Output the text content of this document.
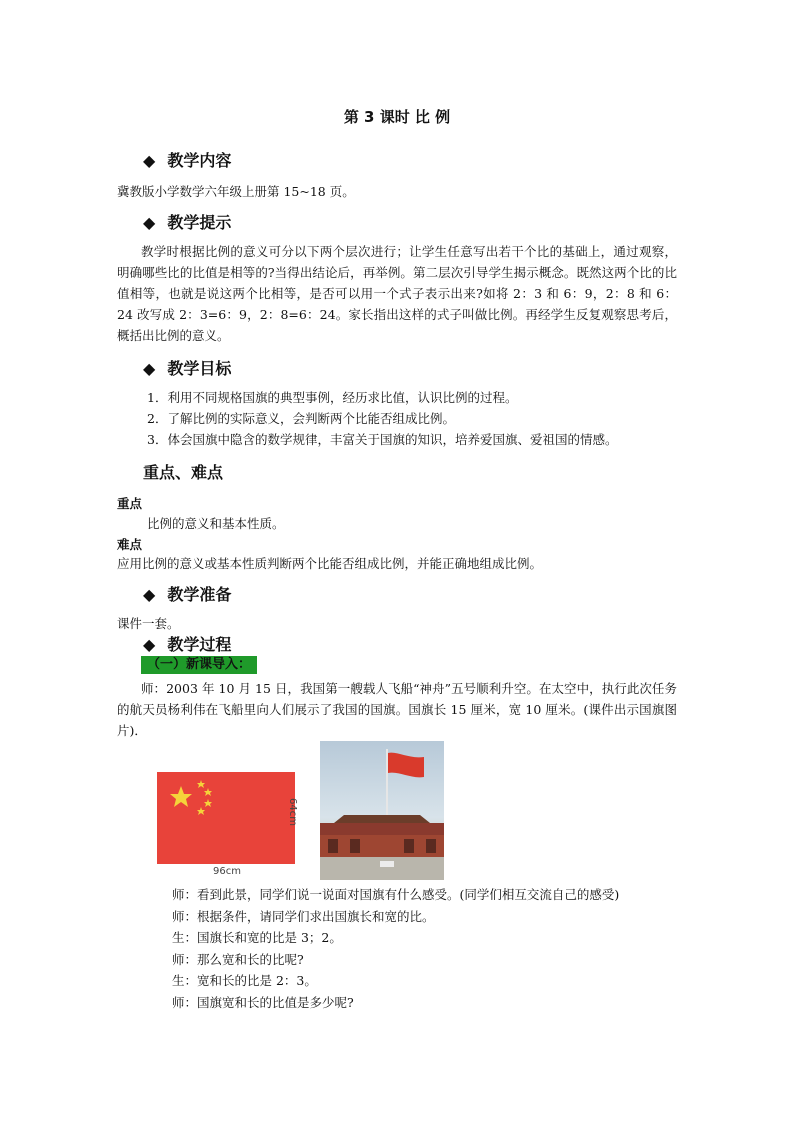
第 3 课时 比 例
◆ 教学内容
冀教版小学数学六年级上册第 15~18 页。
◆ 教学提示
教学时根据比例的意义可分以下两个层次进行；让学生任意写出若干个比的基础上，通过观察，明确哪些比的比值是相等的?当得出结论后，再举例。第二层次引导学生揭示概念。既然这两个比的比值相等，也就是说这两个比相等，是否可以用一个式子表示出来?如将 2：3 和 6：9，2：8 和 6：24 改写成 2：3=6：9，2：8=6：24。家长指出这样的式子叫做比例。再经学生反复观察思考后，概括出比例的意义。
◆ 教学目标
1．利用不同规格国旗的典型事例，经历求比值，认识比例的过程。
2．了解比例的实际意义，会判断两个比能否组成比例。
3．体会国旗中隐含的数学规律，丰富关于国旗的知识，培养爱国旗、爱祖国的情感。
重点、难点
重点
比例的意义和基本性质。
难点
应用比例的意义或基本性质判断两个比能否组成比例，并能正确地组成比例。
◆ 教学准备
课件一套。
◆ 教学过程
（一）新课导入：
师：2003 年 10 月 15 日，我国第一艘载人飞船“神舟”五号顺利升空。在太空中，执行此次任务的航天员杨利伟在飞船里向人们展示了我国的国旗。国旗长 15 厘米，宽 10 厘米。(课件出示国旗图片)．
师：看到此景，同学们说一说面对国旗有什么感受。(同学们相互交流自己的感受)
师：根据条件，请同学们求出国旗长和宽的比。
生：国旗长和宽的比是 3；2。
师：那么宽和长的比呢?
生：宽和长的比是 2：3。
师：国旗宽和长的比值是多少呢?
64cm
96cm
